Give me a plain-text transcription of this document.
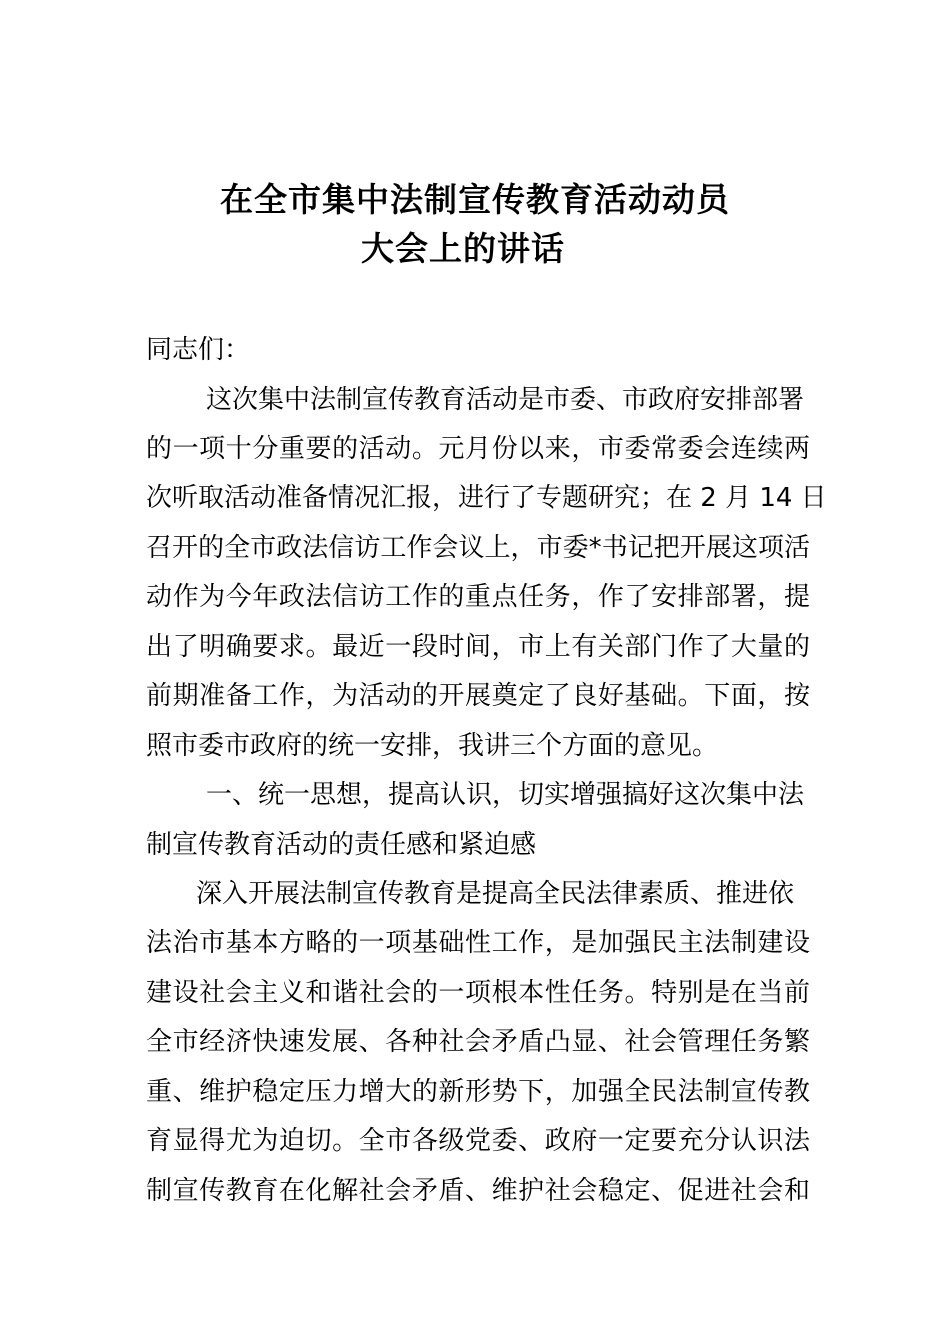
在全市集中法制宣传教育活动动员
大会上的讲话
同志们：
这次集中法制宣传教育活动是市委、市政府安排部署
的一项十分重要的活动。元月份以来，市委常委会连续两
次听取活动准备情况汇报，进行了专题研究；在 2 月 14 日
召开的全市政法信访工作会议上，市委*书记把开展这项活
动作为今年政法信访工作的重点任务，作了安排部署，提
出了明确要求。最近一段时间，市上有关部门作了大量的
前期准备工作，为活动的开展奠定了良好基础。下面，按
照市委市政府的统一安排，我讲三个方面的意见。
一、统一思想，提高认识，切实增强搞好这次集中法
制宣传教育活动的责任感和紧迫感
深入开展法制宣传教育是提高全民法律素质、推进依
法治市基本方略的一项基础性工作，是加强民主法制建设
建设社会主义和谐社会的一项根本性任务。特别是在当前
全市经济快速发展、各种社会矛盾凸显、社会管理任务繁
重、维护稳定压力增大的新形势下，加强全民法制宣传教
育显得尤为迫切。全市各级党委、政府一定要充分认识法
制宣传教育在化解社会矛盾、维护社会稳定、促进社会和
